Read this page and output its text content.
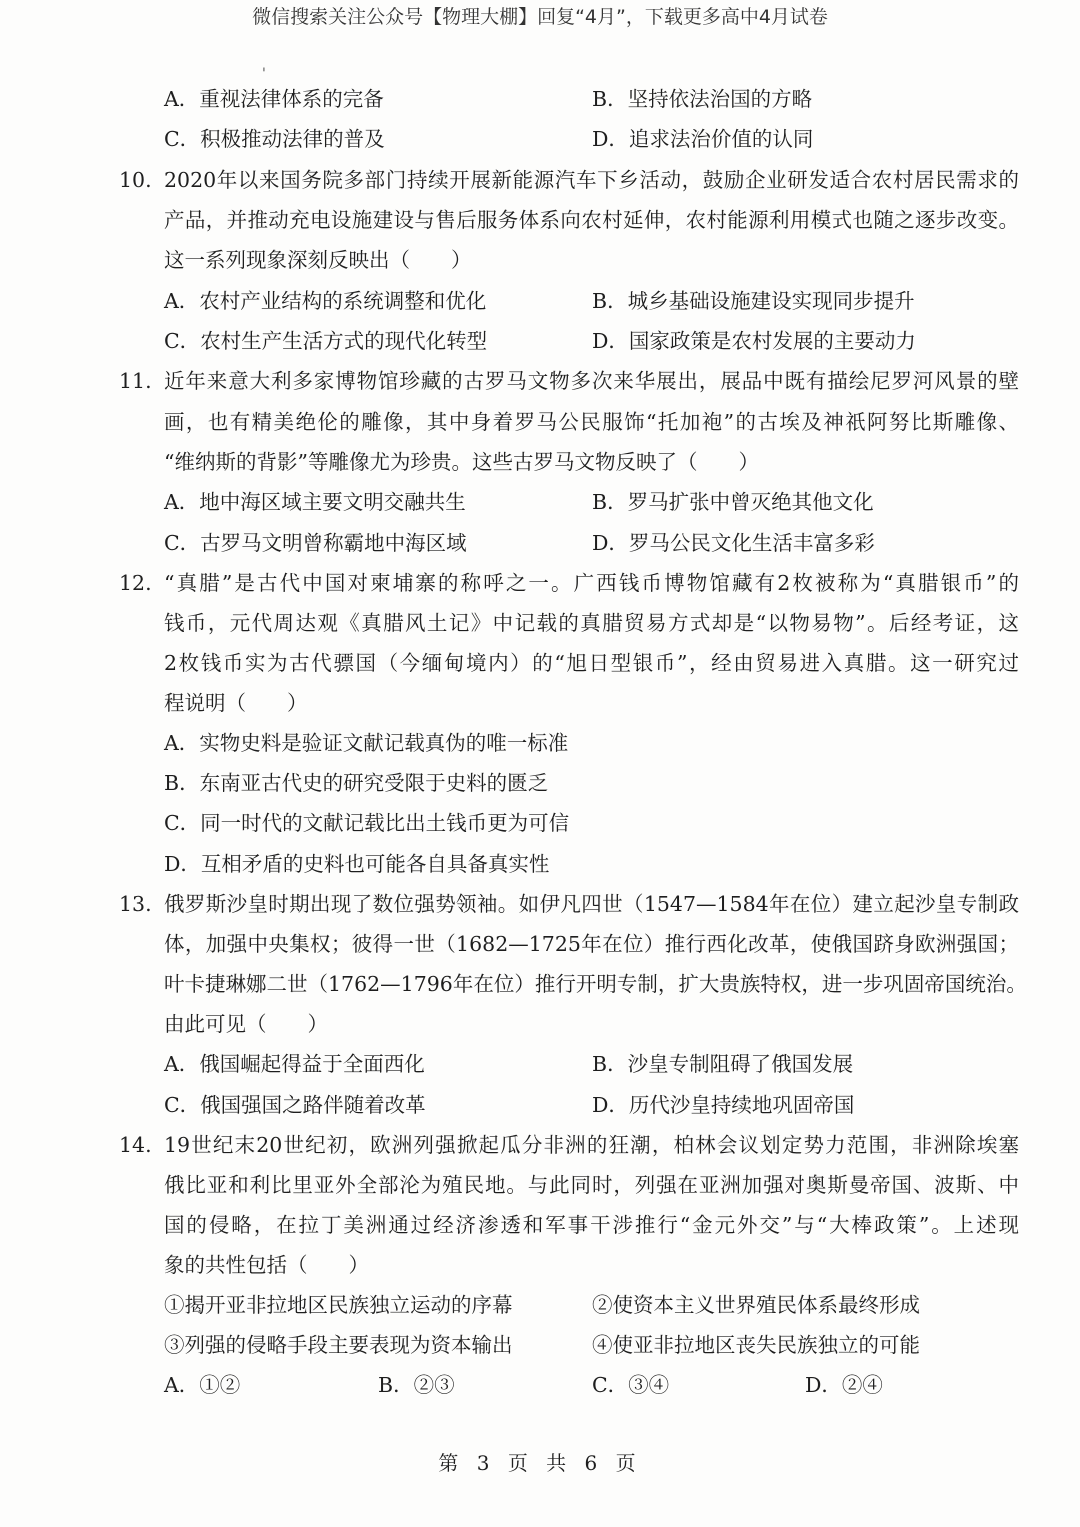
微信搜索关注公众号【物理大棚】回复“4月”，下载更多高中4月试卷
'
A．重视法律体系的完备	B．坚持依法治国的方略
C．积极推动法律的普及	D．追求法治价值的认同
10. 2020年以来国务院多部门持续开展新能源汽车下乡活动，鼓励企业研发适合农村居民需求的
产品，并推动充电设施建设与售后服务体系向农村延伸，农村能源利用模式也随之逐步改变。
这一系列现象深刻反映出（　　）
A．农村产业结构的系统调整和优化	B．城乡基础设施建设实现同步提升
C．农村生产生活方式的现代化转型	D．国家政策是农村发展的主要动力
11. 近年来意大利多家博物馆珍藏的古罗马文物多次来华展出，展品中既有描绘尼罗河风景的壁
画，也有精美绝伦的雕像，其中身着罗马公民服饰“托加袍”的古埃及神祇阿努比斯雕像、
“维纳斯的背影”等雕像尤为珍贵。这些古罗马文物反映了（　　）
A．地中海区域主要文明交融共生	B．罗马扩张中曾灭绝其他文化
C．古罗马文明曾称霸地中海区域	D．罗马公民文化生活丰富多彩
12. “真腊”是古代中国对柬埔寨的称呼之一。广西钱币博物馆藏有2枚被称为“真腊银币”的
钱币，元代周达观《真腊风土记》中记载的真腊贸易方式却是“以物易物”。后经考证，这
2枚钱币实为古代骠国（今缅甸境内）的“旭日型银币”，经由贸易进入真腊。这一研究过
程说明（　　）
A．实物史料是验证文献记载真伪的唯一标准
B．东南亚古代史的研究受限于史料的匮乏
C．同一时代的文献记载比出土钱币更为可信
D．互相矛盾的史料也可能各自具备真实性
13. 俄罗斯沙皇时期出现了数位强势领袖。如伊凡四世（1547—1584年在位）建立起沙皇专制政
体，加强中央集权；彼得一世（1682—1725年在位）推行西化改革，使俄国跻身欧洲强国；
叶卡捷琳娜二世（1762—1796年在位）推行开明专制，扩大贵族特权，进一步巩固帝国统治。
由此可见（　　）
A．俄国崛起得益于全面西化	B．沙皇专制阻碍了俄国发展
C．俄国强国之路伴随着改革	D．历代沙皇持续地巩固帝国
14. 19世纪末20世纪初，欧洲列强掀起瓜分非洲的狂潮，柏林会议划定势力范围，非洲除埃塞
俄比亚和利比里亚外全部沦为殖民地。与此同时，列强在亚洲加强对奥斯曼帝国、波斯、中
国的侵略，在拉丁美洲通过经济渗透和军事干涉推行“金元外交”与“大棒政策”。上述现
象的共性包括（　　）
①揭开亚非拉地区民族独立运动的序幕	②使资本主义世界殖民体系最终形成
③列强的侵略手段主要表现为资本输出	④使亚非拉地区丧失民族独立的可能
A．①②	B．②③	C．③④	D．②④
第 3 页 共 6 页
